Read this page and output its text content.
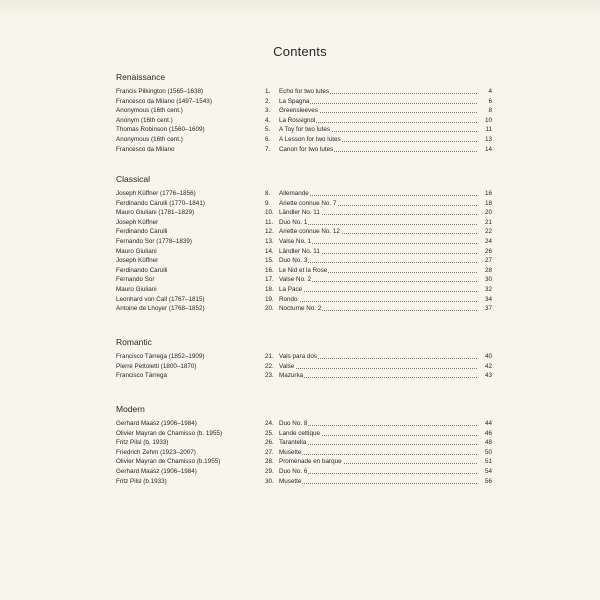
Contents
Renaissance
Francis Pilkington (1565–1638)	1.	Echo for two lutes	4
Francesco da Milano (1497–1543)	2.	La Spagna	6
Anonymous (16th cent.)	3.	Greensleeves	8
Anonym (16th cent.)	4.	La Rossignol	10
Thomas Robinson (1560–1609)	5.	A Toy for two lutes	11
Anonymous (16th cent.)	6.	A Lesson for two lutes	13
Francesco da Milano	7.	Canon for two lutes	14
Classical
Joseph Küffner (1776–1856)	8.	Allemande	16
Ferdinando Carulli (1770–1841)	9.	Ariette connue No. 7	18
Mauro Giuliani (1781–1829)	10. Ländler No. 11	20
Joseph Küffner	11. Duo No. 1	21
Ferdinando Carulli	12. Ariette connue No. 12	22
Fernando Sor (1778–1839)	13. Valse No. 1	24
Mauro Giuliani	14. Ländler No. 11	26
Joseph Küffner	15. Duo No. 3	27
Ferdinando Carulli	16. Le Nid et la Rose	28
Fernando Sor	17. Valse No. 2	30
Mauro Giuliani	18. La Pace	32
Leonhard von Call (1767–1815)	19. Rondo	34
Antoine de Lhoyer (1768–1852)	20. Nocturne No. 2	37
Romantic
Francisco Tárrega (1852–1909)	21. Vals para dos	40
Pierre Pettoletti (1800–1870)	22. Valse	42
Francisco Tárrega	23. Mazurka	43
Modern
Gerhard Maasz (1906–1984)	24. Duo No. 8	44
Olivier Mayran de Chamisso (b. 1955)	25. Lande celtique	46
Fritz Pilsl (b. 1933)	26. Tarantella	48
Friedrich Zehm (1923–2007)	27. Musette	50
Olivier Mayran de Chamisso (b.1955)	28. Promenade en barque	51
Gerhard Maasz (1906–1984)	29. Duo No. 6	54
Fritz Pilsl (b.1933)	30. Musette	56
